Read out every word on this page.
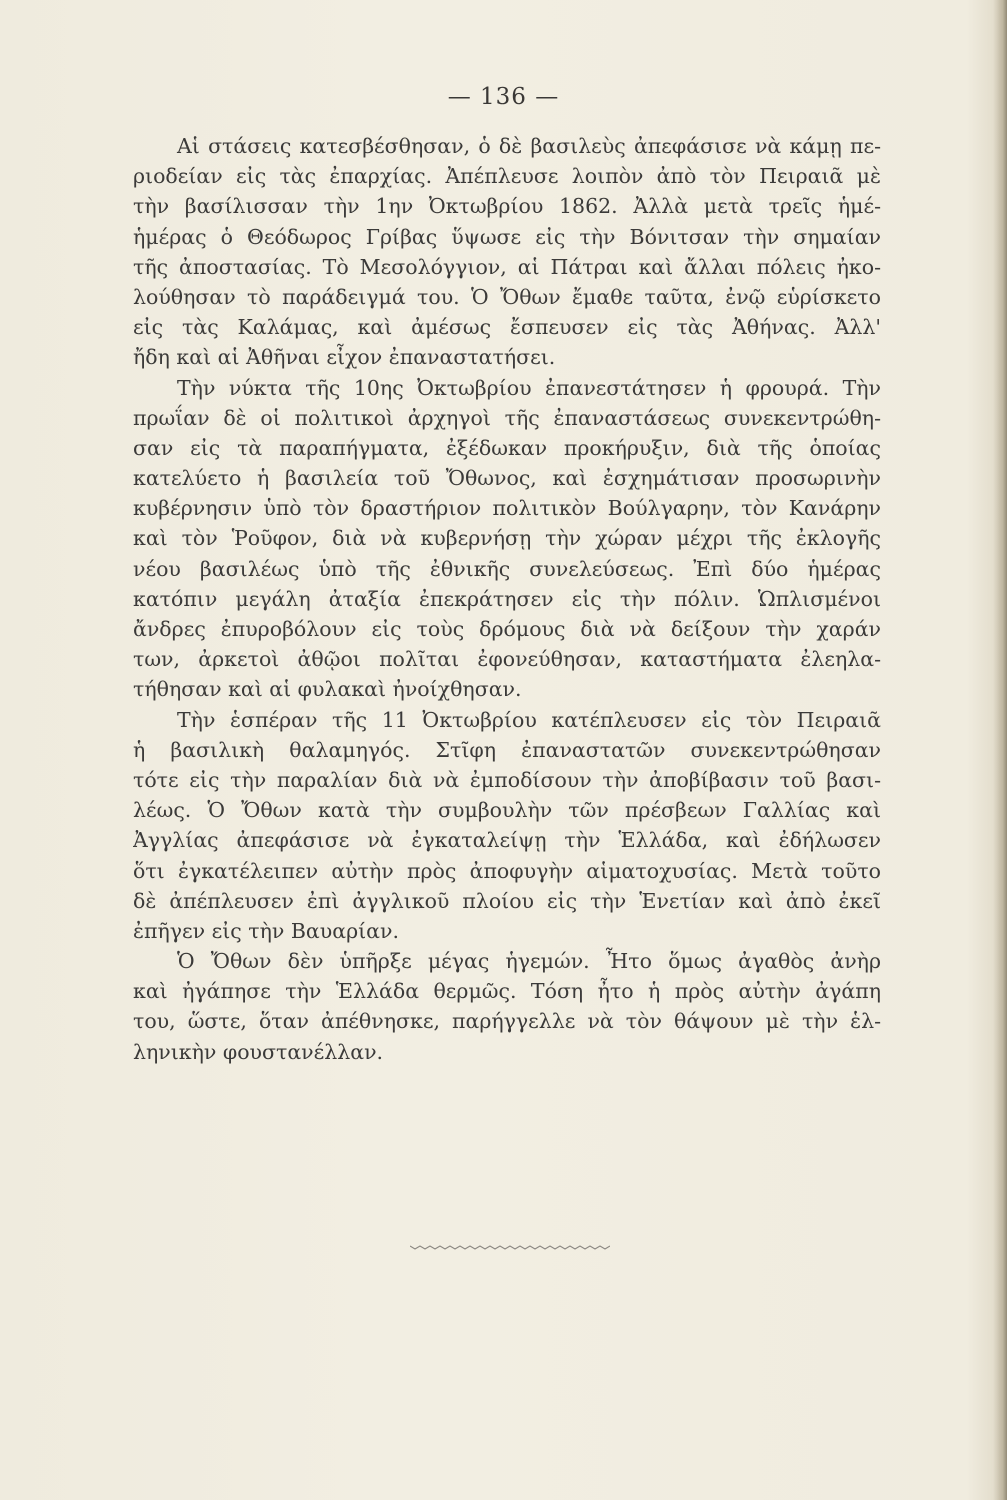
— 136 —
Αἱ στάσεις κατεσβέσθησαν, ὁ δὲ βασιλεὺς ἀπεφάσισε νὰ κάμῃ πε-
ριοδείαν εἰς τὰς ἐπαρχίας. Ἀπέπλευσε λοιπὸν ἀπὸ τὸν Πειραιᾶ μὲ
τὴν βασίλισσαν τὴν 1ην Ὀκτωβρίου 1862. Ἀλλὰ μετὰ τρεῖς ἡμέ-
ἡμέρας ὁ Θεόδωρος Γρίβας ὕψωσε εἰς τὴν Βόνιτσαν τὴν σημαίαν
τῆς ἀποστασίας. Τὸ Μεσολόγγιον, αἱ Πάτραι καὶ ἄλλαι πόλεις ἠκο-
λούθησαν τὸ παράδειγμά του. Ὁ Ὄθων ἔμαθε ταῦτα, ἐνῷ εὑρίσκετο
εἰς τὰς Καλάμας, καὶ ἀμέσως ἔσπευσεν εἰς τὰς Ἀθήνας. Ἀλλ'
ἤδη καὶ αἱ Ἀθῆναι εἶχον ἐπαναστατήσει.
Τὴν νύκτα τῆς 10ης Ὀκτωβρίου ἐπανεστάτησεν ἡ φρουρά. Τὴν
πρωΐαν δὲ οἱ πολιτικοὶ ἀρχηγοὶ τῆς ἐπαναστάσεως συνεκεντρώθη-
σαν εἰς τὰ παραπήγματα, ἐξέδωκαν προκήρυξιν, διὰ τῆς ὁποίας
κατελύετο ἡ βασιλεία τοῦ Ὄθωνος, καὶ ἐσχημάτισαν προσωρινὴν
κυβέρνησιν ὑπὸ τὸν δραστήριον πολιτικὸν Βούλγαρην, τὸν Κανάρην
καὶ τὸν Ῥοῦφον, διὰ νὰ κυβερνήσῃ τὴν χώραν μέχρι τῆς ἐκλογῆς
νέου βασιλέως ὑπὸ τῆς ἐθνικῆς συνελεύσεως. Ἐπὶ δύο ἡμέρας
κατόπιν μεγάλη ἀταξία ἐπεκράτησεν εἰς τὴν πόλιν. Ὡπλισμένοι
ἄνδρες ἐπυροβόλουν εἰς τοὺς δρόμους διὰ νὰ δείξουν τὴν χαράν
των, ἀρκετοὶ ἀθῷοι πολῖται ἐφονεύθησαν, καταστήματα ἐλεηλα-
τήθησαν καὶ αἱ φυλακαὶ ἠνοίχθησαν.
Τὴν ἑσπέραν τῆς 11 Ὀκτωβρίου κατέπλευσεν εἰς τὸν Πειραιᾶ
ἡ βασιλικὴ θαλαμηγός. Στῖφη ἐπαναστατῶν συνεκεντρώθησαν
τότε εἰς τὴν παραλίαν διὰ νὰ ἐμποδίσουν τὴν ἀποβίβασιν τοῦ βασι-
λέως. Ὁ Ὄθων κατὰ τὴν συμβουλὴν τῶν πρέσβεων Γαλλίας καὶ
Ἀγγλίας ἀπεφάσισε νὰ ἐγκαταλείψῃ τὴν Ἑλλάδα, καὶ ἐδήλωσεν
ὅτι ἐγκατέλειπεν αὐτὴν πρὸς ἀποφυγὴν αἱματοχυσίας. Μετὰ τοῦτο
δὲ ἀπέπλευσεν ἐπὶ ἀγγλικοῦ πλοίου εἰς τὴν Ἑνετίαν καὶ ἀπὸ ἐκεῖ
ἐπῆγεν εἰς τὴν Βαυαρίαν.
Ὁ Ὄθων δὲν ὑπῆρξε μέγας ἡγεμών. Ἦτο ὅμως ἀγαθὸς ἀνὴρ
καὶ ἠγάπησε τὴν Ἑλλάδα θερμῶς. Τόση ἦτο ἡ πρὸς αὐτὴν ἀγάπη
του, ὥστε, ὅταν ἀπέθνησκε, παρήγγελλε νὰ τὸν θάψουν μὲ τὴν ἑλ-
ληνικὴν φουστανέλλαν.
